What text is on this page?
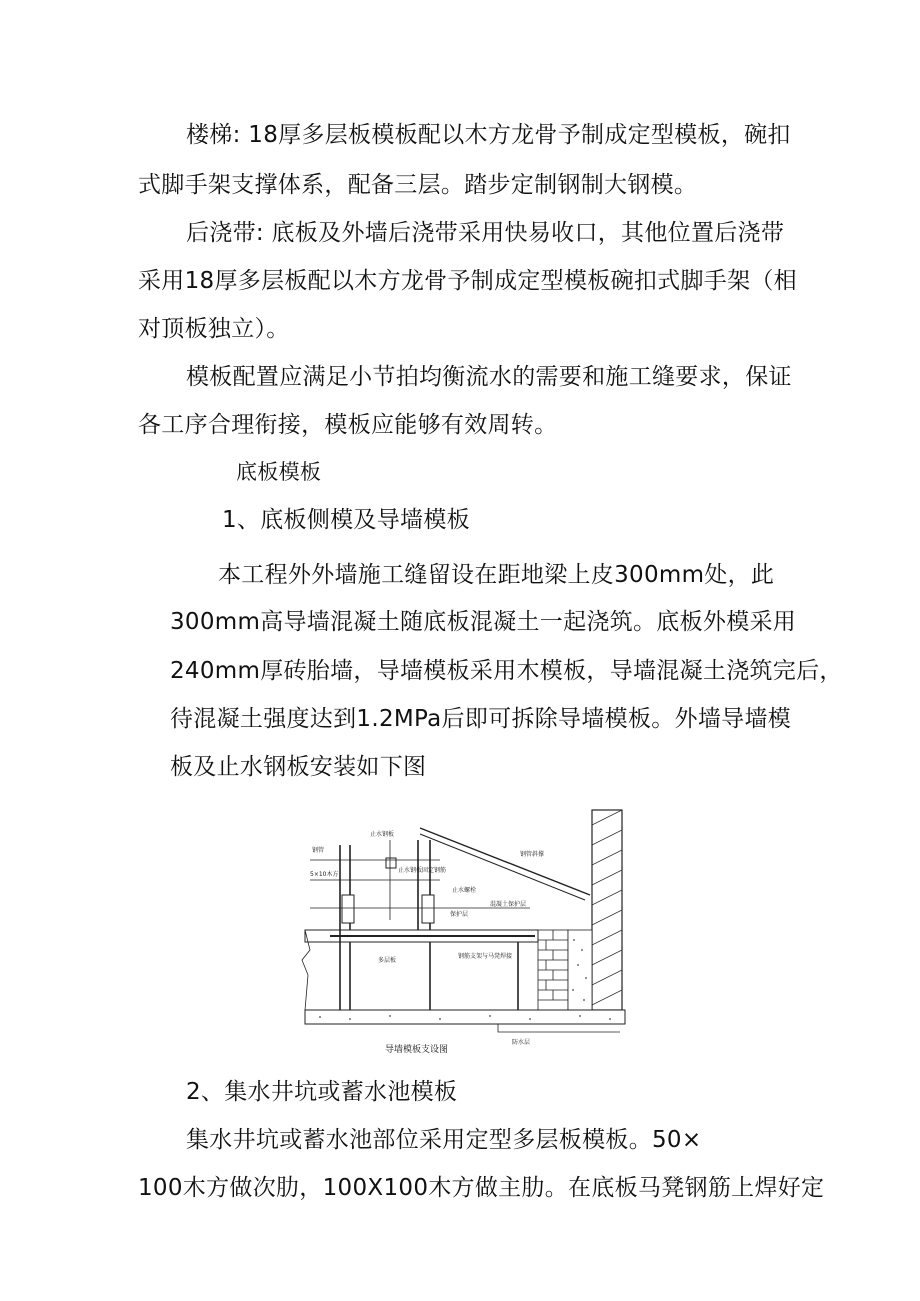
楼梯: 18厚多层板模板配以木方龙骨予制成定型模板，碗扣
式脚手架支撑体系，配备三层。踏步定制钢制大钢模。
后浇带: 底板及外墙后浇带采用快易收口，其他位置后浇带
采用18厚多层板配以木方龙骨予制成定型模板碗扣式脚手架（相
对顶板独立）。
模板配置应满足小节拍均衡流水的需要和施工缝要求，保证
各工序合理衔接，模板应能够有效周转。
底板模板
1、底板侧模及导墙模板
本工程外外墙施工缝留设在距地梁上皮300mm处，此
300mm高导墙混凝土随底板混凝土一起浇筑。底板外模采用
240mm厚砖胎墙，导墙模板采用木模板，导墙混凝土浇筑完后，
待混凝土强度达到1.2MPa后即可拆除导墙模板。外墙导墙模
板及止水钢板安装如下图
钢管
止水钢板
5×10木方
止水钢板固定钢筋
止水螺栓
钢管斜撑
保护层
混凝土保护层
钢筋支架与马凳焊接
多层板
防水层
导墙模板支设图
2、集水井坑或蓄水池模板
集水井坑或蓄水池部位采用定型多层板模板。50×
100木方做次肋，100X100木方做主肋。在底板马凳钢筋上焊好定
